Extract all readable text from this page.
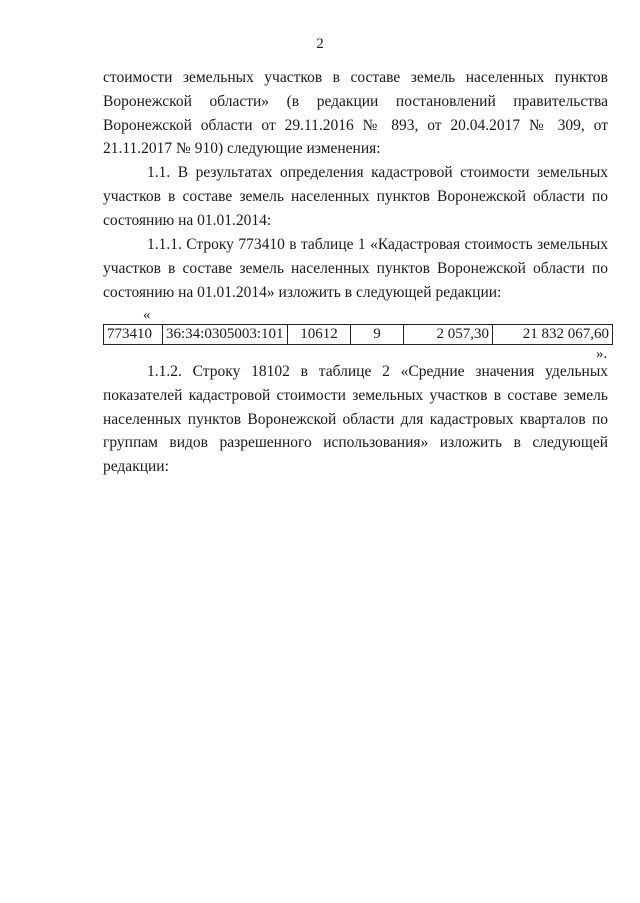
2
стоимости земельных участков в составе земель населенных пунктов Воронежской области» (в редакции постановлений правительства Воронежской области от 29.11.2016 № 893, от 20.04.2017 № 309, от 21.11.2017 № 910) следующие изменения:
1.1. В результатах определения кадастровой стоимости земельных участков в составе земель населенных пунктов Воронежской области по состоянию на 01.01.2014:
1.1.1. Строку 773410 в таблице 1 «Кадастровая стоимость земельных участков в составе земель населенных пунктов Воронежской области по состоянию на 01.01.2014» изложить в следующей редакции:
«
773410	36:34:0305003:101	10612	9	2 057,30	21 832 067,60
».
1.1.2. Строку 18102 в таблице 2 «Средние значения удельных показателей кадастровой стоимости земельных участков в составе земель населенных пунктов Воронежской области для кадастровых кварталов по группам видов разрешенного использования» изложить в следующей редакции:
